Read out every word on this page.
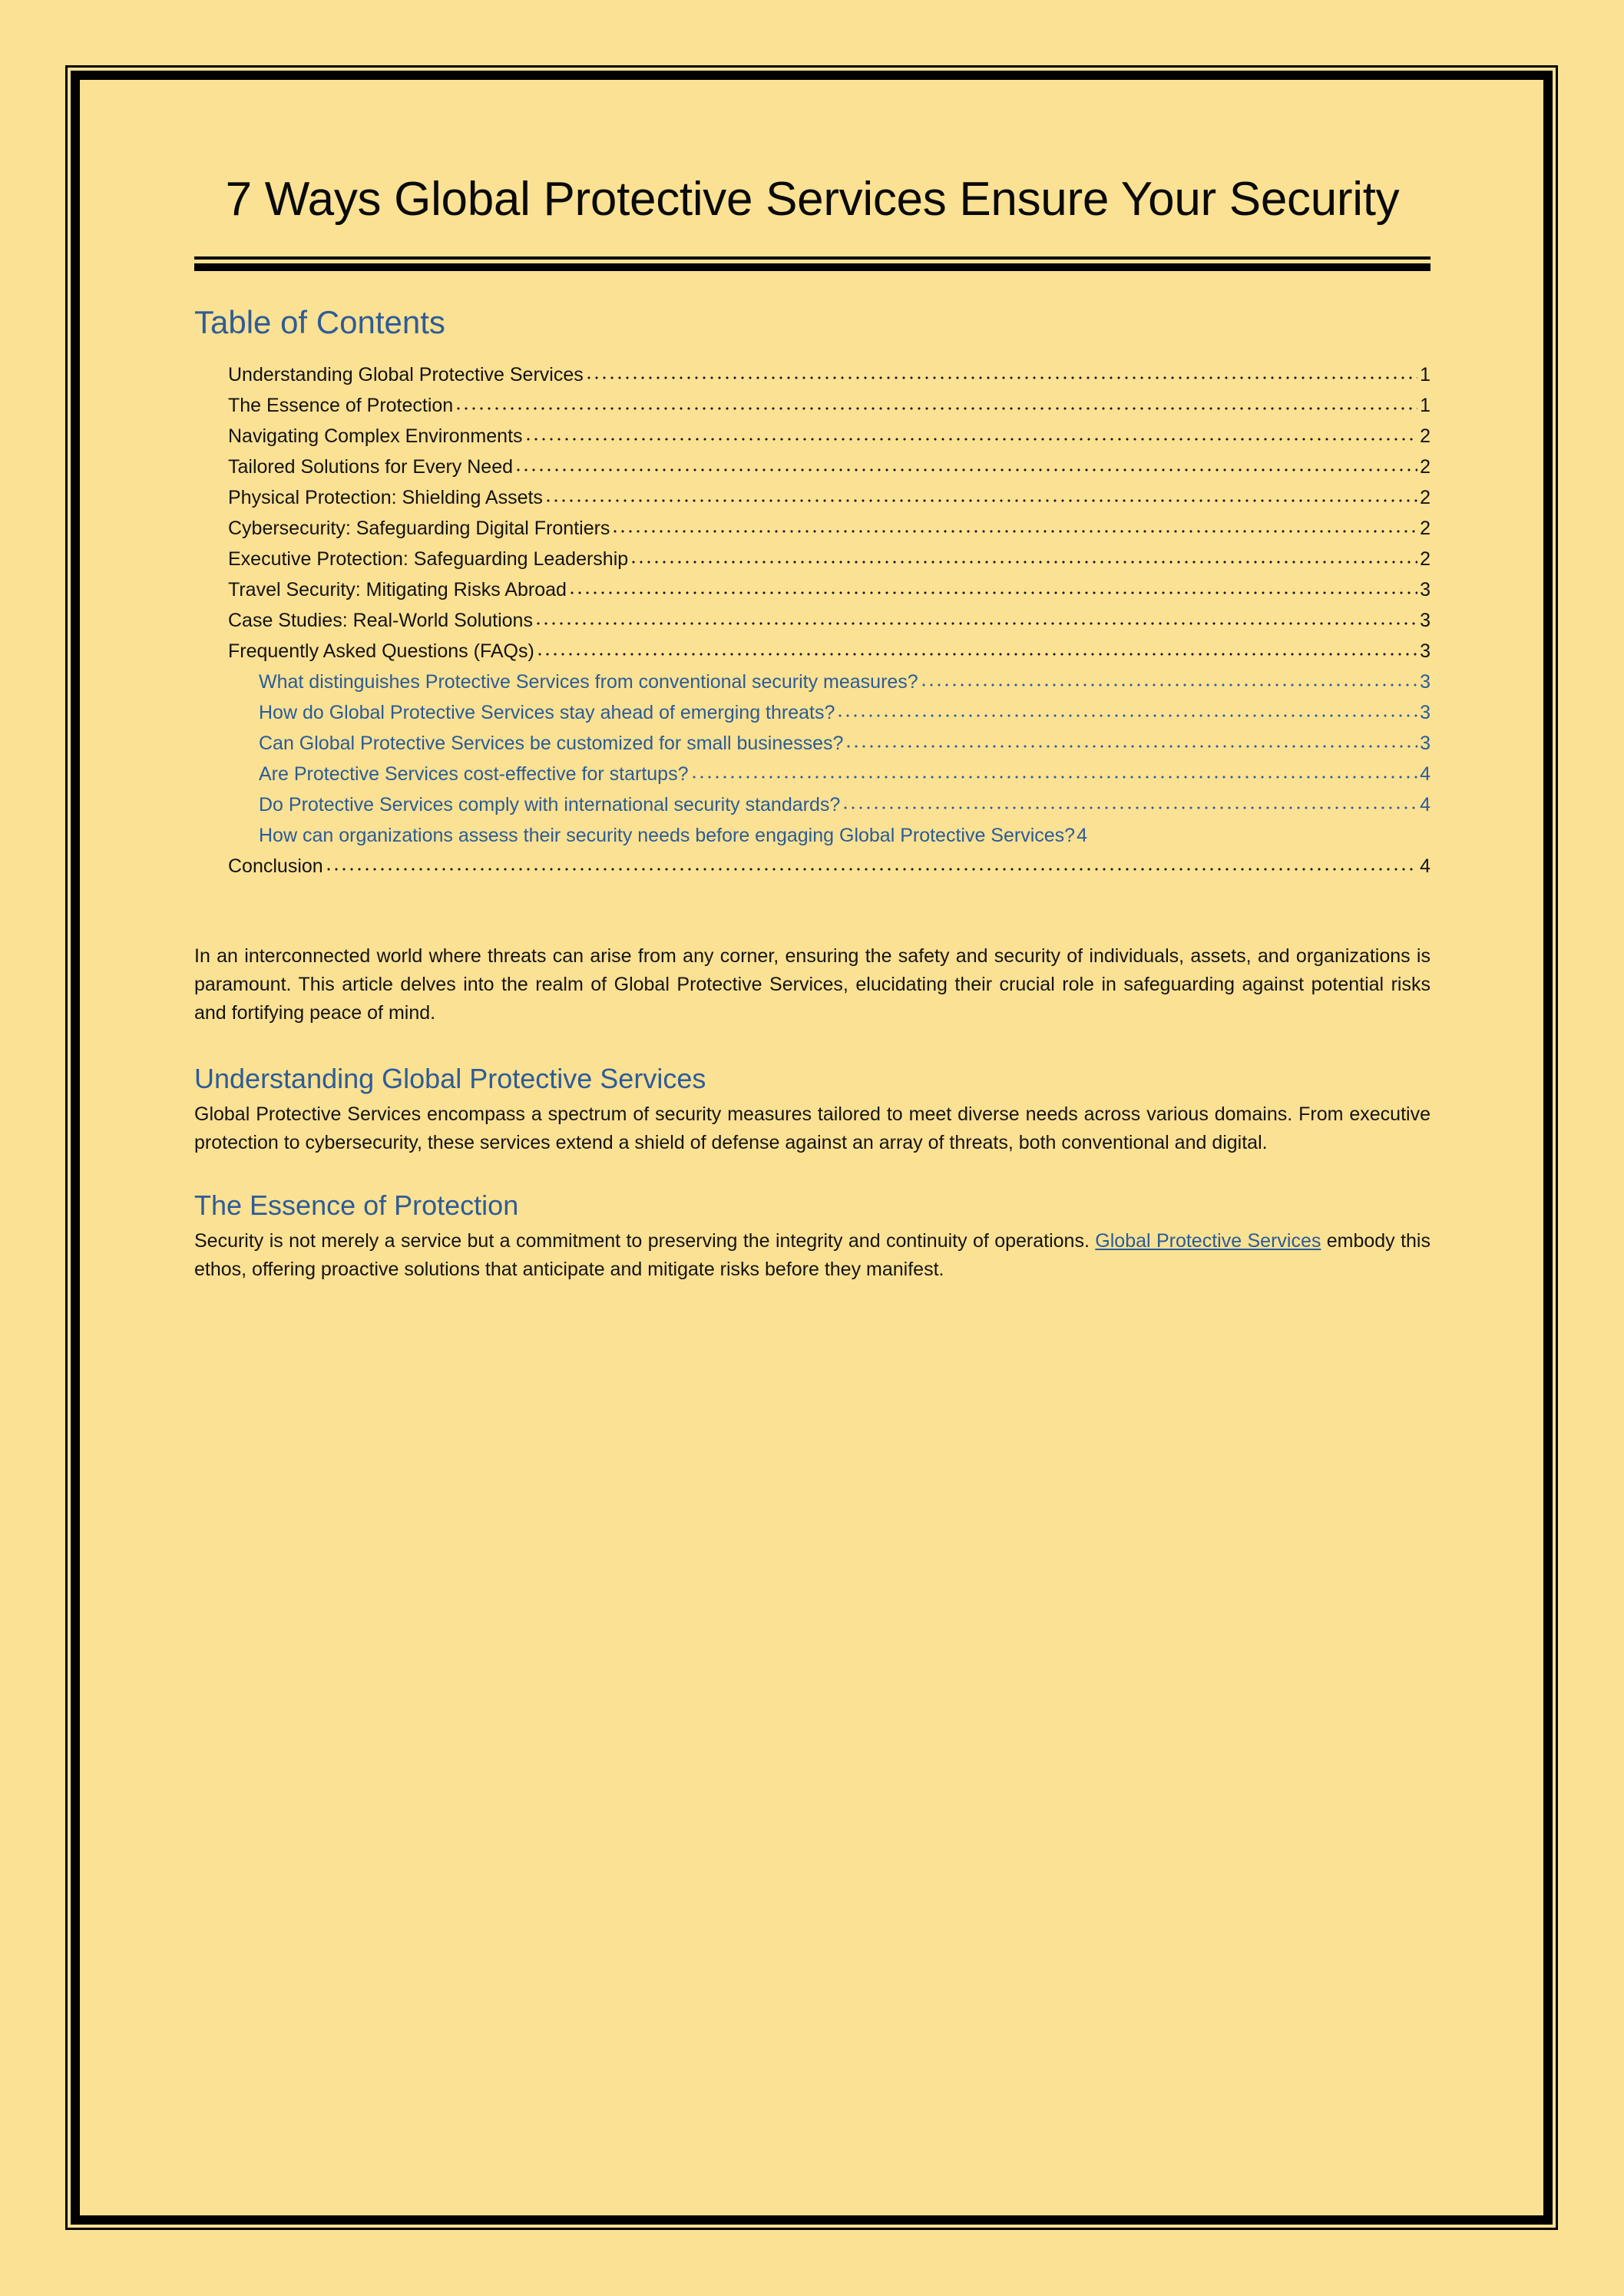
7 Ways Global Protective Services Ensure Your Security
Table of Contents
Understanding Global Protective Services	1
The Essence of Protection	1
Navigating Complex Environments	2
Tailored Solutions for Every Need	2
Physical Protection: Shielding Assets	2
Cybersecurity: Safeguarding Digital Frontiers	2
Executive Protection: Safeguarding Leadership	2
Travel Security: Mitigating Risks Abroad	3
Case Studies: Real-World Solutions	3
Frequently Asked Questions (FAQs)	3
What distinguishes Protective Services from conventional security measures?	3
How do Global Protective Services stay ahead of emerging threats?	3
Can Global Protective Services be customized for small businesses?	3
Are Protective Services cost-effective for startups?	4
Do Protective Services comply with international security standards?	4
How can organizations assess their security needs before engaging Global Protective Services? 4
Conclusion	4

In an interconnected world where threats can arise from any corner, ensuring the safety and security of individuals, assets, and organizations is paramount. This article delves into the realm of Global Protective Services, elucidating their crucial role in safeguarding against potential risks and fortifying peace of mind.

Understanding Global Protective Services

Global Protective Services encompass a spectrum of security measures tailored to meet diverse needs across various domains. From executive protection to cybersecurity, these services extend a shield of defense against an array of threats, both conventional and digital.

The Essence of Protection

Security is not merely a service but a commitment to preserving the integrity and continuity of operations. Global Protective Services embody this ethos, offering proactive solutions that anticipate and mitigate risks before they manifest.
